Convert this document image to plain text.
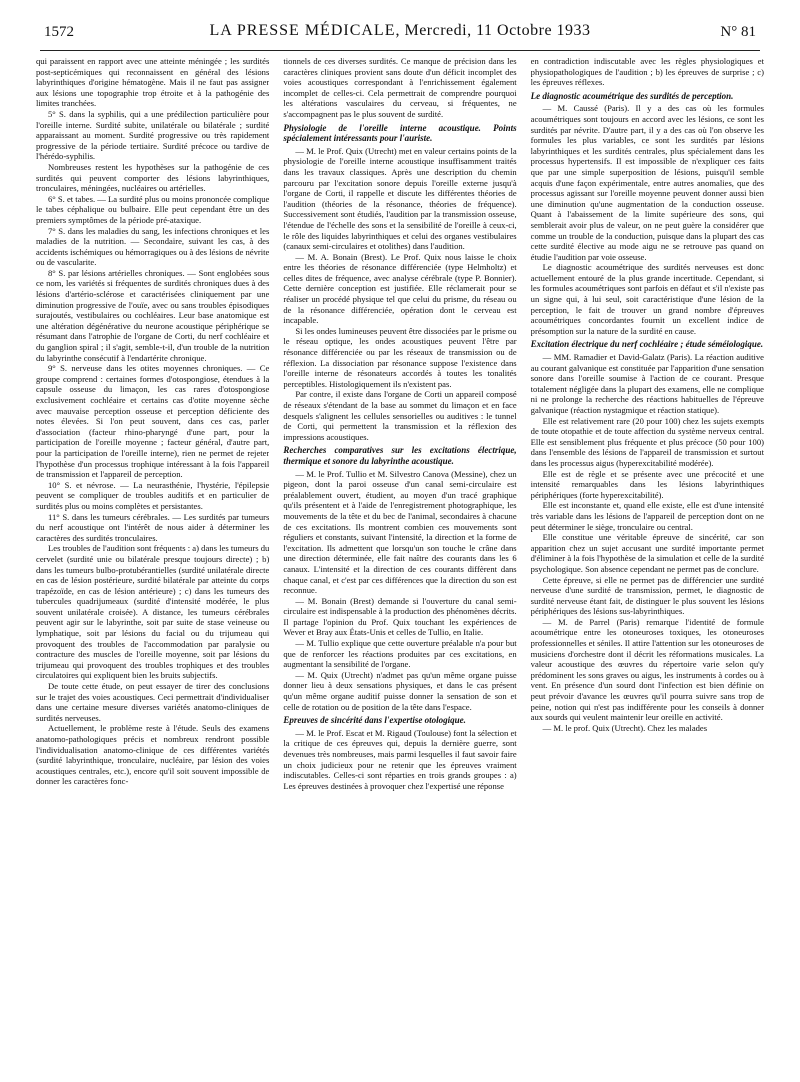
1572	LA PRESSE MÉDICALE, Mercredi, 11 Octobre 1933	N° 81

qui paraissent en rapport avec une atteinte méningée ; les surdités post-septicémiques qui reconnaissent en général des lésions labyrinthiques d'origine hématogène. Mais il ne faut pas assigner aux lésions une topographie trop étroite et à la pathogénie des limites tranchées.

5° S. dans la syphilis, qui a une prédilection particulière pour l'oreille interne. Surdité subite, unilatérale ou bilatérale ; surdité apparaissant au moment. Surdité progressive ou très rapidement progressive de la période tertiaire. Surdité précoce ou tardive de l'hérédo-syphilis.

Nombreuses restent les hypothèses sur la pathogénie de ces surdités qui peuvent comporter des lésions labyrinthiques, tronculaires, méningées, nucléaires ou artérielles.

6° S. et tabes. — La surdité plus ou moins prononcée complique le tabes céphalique ou bulbaire. Elle peut cependant être un des premiers symptômes de la période pré-ataxique.

7° S. dans les maladies du sang, les infections chroniques et les maladies de la nutrition. — Secondaire, suivant les cas, à des accidents ischémiques ou hémorragiques ou à des lésions de névrite ou de vascularite.

8° S. par lésions artérielles chroniques. — Sont englobées sous ce nom, les variétés si fréquentes de surdités chroniques dues à des lésions d'artério-sclérose et caractérisées cliniquement par une diminution progressive de l'ouïe, avec ou sans troubles épisodiques surajoutés, vestibulaires ou cochléaires. Leur base anatomique est une altération dégénérative du neurone acoustique périphérique se résumant dans l'atrophie de l'organe de Corti, du nerf cochléaire et du ganglion spiral ; il s'agit, semble-t-il, d'un trouble de la nutrition du labyrinthe consécutif à l'endartérite chronique.

9° S. nerveuse dans les otites moyennes chroniques. — Ce groupe comprend : certaines formes d'otospongiose, étendues à la capsule osseuse du limaçon, les cas rares d'otospongiose exclusivement cochléaire et certains cas d'otite moyenne sèche avec mauvaise perception osseuse et perception déficiente des notes élevées. Si l'on peut souvent, dans ces cas, parler d'association (facteur rhino-pharyngé d'une part, pour la participation de l'oreille moyenne ; facteur général, d'autre part, pour la participation de l'oreille interne), rien ne permet de rejeter l'hypothèse d'un processus trophique intéressant à la fois l'appareil de transmission et l'appareil de perception.

10° S. et névrose. — La neurasthénie, l'hystérie, l'épilepsie peuvent se compliquer de troubles auditifs et en particulier de surdités plus ou moins complètes et persistantes.

11° S. dans les tumeurs cérébrales. — Les surdités par tumeurs du nerf acoustique ont l'intérêt de nous aider à déterminer les caractères des surdités tronculaires.

Les troubles de l'audition sont fréquents : a) dans les tumeurs du cervelet (surdité unie ou bilatérale presque toujours directe) ; b) dans les tumeurs bulbo-protubérantielles (surdité unilatérale directe en cas de lésion postérieure, surdité bilatérale par atteinte du corps trapézoïde, en cas de lésion antérieure) ; c) dans les tumeurs des tubercules quadrijumeaux (surdité d'intensité modérée, le plus souvent unilatérale croisée). A distance, les tumeurs cérébrales peuvent agir sur le labyrinthe, soit par suite de stase veineuse ou lymphatique, soit par lésions du facial ou du trijumeau qui provoquent des troubles de l'accommodation par paralysie ou contracture des muscles de l'oreille moyenne, soit par lésions du trijumeau qui provoquent des troubles trophiques et des troubles circulatoires qui expliquent bien les bruits subjectifs.

De toute cette étude, on peut essayer de tirer des conclusions sur le trajet des voies acoustiques. Ceci permettrait d'individualiser dans une certaine mesure diverses variétés anatomo-cliniques de surdités nerveuses.

Actuellement, le problème reste à l'étude. Seuls des examens anatomo-pathologiques précis et nombreux rendront possible l'individualisation anatomo-clinique de ces différentes variétés (surdité labyrinthique, tronculaire, nucléaire, par lésion des voies acoustiques centrales, etc.), encore qu'il soit souvent impossible de donner les caractères fonc-

tionnels de ces diverses surdités. Ce manque de précision dans les caractères cliniques provient sans doute d'un déficit incomplet des voies acoustiques correspondant à l'enrichissement également incomplet de celles-ci. Cela permettrait de comprendre pourquoi les altérations vasculaires du cerveau, si fréquentes, ne s'accompagnent pas le plus souvent de surdité.

Physiologie de l'oreille interne acoustique. Points spécialement intéressants pour l'auriste.

— M. le Prof. Quix (Utrecht) met en valeur certains points de la physiologie de l'oreille interne acoustique insuffisamment traités dans les travaux classiques. Après une description du chemin parcouru par l'excitation sonore depuis l'oreille externe jusqu'à l'organe de Corti, il rappelle et discute les différentes théories de l'audition (théories de la résonance, théories de fréquence). Successivement sont étudiés, l'audition par la transmission osseuse, l'étendue de l'échelle des sons et la sensibilité de l'oreille à ceux-ci, le rôle des liquides labyrinthiques et celui des organes vestibulaires (canaux semi-circulaires et otolithes) dans l'audition.

— M. A. Bonain (Brest). Le Prof. Quix nous laisse le choix entre les théories de résonance différenciée (type Helmholtz) et celles dites de fréquence, avec analyse cérébrale (type P. Bonnier). Cette dernière conception est justifiée. Elle réclamerait pour se réaliser un procédé physique tel que celui du prisme, du réseau ou de la résonance différenciée, opération dont le cerveau est incapable.

Si les ondes lumineuses peuvent être dissociées par le prisme ou le réseau optique, les ondes acoustiques peuvent l'être par résonance différenciée ou par les réseaux de transmission ou de réflexion. La dissociation par résonance suppose l'existence dans l'oreille interne de résonateurs accordés à toutes les tonalités perceptibles. Histologiquement ils n'existent pas.

Par contre, il existe dans l'organe de Corti un appareil composé de réseaux s'étendant de la base au sommet du limaçon et en face desquels s'alignent les cellules sensorielles ou auditives : le tunnel de Corti, qui permettent la transmission et la réflexion des impressions acoustiques.

Recherches comparatives sur les excitations électrique, thermique et sonore du labyrinthe acoustique.

— M. le Prof. Tullio et M. Silvestro Canova (Messine), chez un pigeon, dont la paroi osseuse d'un canal semi-circulaire est préalablement ouvert, étudient, au moyen d'un tracé graphique qu'ils présentent et à l'aide de l'enregistrement photographique, les mouvements de la tête et du bec de l'animal, secondaires à chacune de ces excitations. Ils montrent combien ces mouvements sont réguliers et constants, suivant l'intensité, la direction et la forme de l'excitation. Ils admettent que lorsqu'un son touche le crâne dans une direction déterminée, elle fait naître des courants dans les 6 canaux. L'intensité et la direction de ces courants diffèrent dans chaque canal, et c'est par ces différences que la direction du son est reconnue.

— M. Bonain (Brest) demande si l'ouverture du canal semi-circulaire est indispensable à la production des phénomènes décrits. Il partage l'opinion du Prof. Quix touchant les expériences de Wever et Bray aux États-Unis et celles de Tullio, en Italie.

— M. Tullio explique que cette ouverture préalable n'a pour but que de renforcer les réactions produites par ces excitations, en augmentant la sensibilité de l'organe.

— M. Quix (Utrecht) n'admet pas qu'un même organe puisse donner lieu à deux sensations physiques, et dans le cas présent qu'un même organe auditif puisse donner la sensation de son et celle de rotation ou de position de la tête dans l'espace.

Epreuves de sincérité dans l'expertise otologique.

— M. le Prof. Escat et M. Rigaud (Toulouse) font la sélection et la critique de ces épreuves qui, depuis la dernière guerre, sont devenues très nombreuses, mais parmi lesquelles il faut savoir faire un choix judicieux pour ne retenir que les épreuves vraiment indiscutables. Celles-ci sont réparties en trois grands groupes : a) Les épreuves destinées à provoquer chez l'expertisé une réponse

en contradiction indiscutable avec les règles physiologiques et physiopathologiques de l'audition ; b) les épreuves de surprise ; c) les épreuves réflexes.

Le diagnostic acoumétrique des surdités de perception.

— M. Caussé (Paris). Il y a des cas où les formules acoumétriques sont toujours en accord avec les lésions, ce sont les surdités par névrite. D'autre part, il y a des cas où l'on observe les formules les plus variables, ce sont les surdités par lésions labyrinthiques et les surdités centrales, plus spécialement dans les processus hypertensifs. Il est impossible de n'expliquer ces faits que par une simple superposition de lésions, puisqu'il semble acquis d'une façon expérimentale, entre autres anomalies, que des processus agissant sur l'oreille moyenne peuvent donner aussi bien une diminution qu'une augmentation de la conduction osseuse. Quant à l'abaissement de la limite supérieure des sons, qui semblerait avoir plus de valeur, on ne peut guère la considérer que comme un trouble de la conduction, puisque dans la plupart des cas cette surdité élective au mode aigu ne se retrouve pas quand on étudie l'audition par voie osseuse.

Le diagnostic acoumétrique des surdités nerveuses est donc actuellement entouré de la plus grande incertitude. Cependant, si les formules acoumétriques sont parfois en défaut et s'il n'existe pas un signe qui, à lui seul, soit caractéristique d'une lésion de la perception, le fait de trouver un grand nombre d'épreuves acoumétriques concordantes fournit un excellent indice de présomption sur la nature de la surdité en cause.

Excitation électrique du nerf cochléaire ; étude séméiologique.

— MM. Ramadier et David-Galatz (Paris). La réaction auditive au courant galvanique est constituée par l'apparition d'une sensation sonore dans l'oreille soumise à l'action de ce courant. Presque totalement négligée dans la plupart des examens, elle ne complique ni ne prolonge la recherche des réactions habituelles de l'épreuve galvanique (réaction nystagmique et réaction statique).

Elle est relativement rare (20 pour 100) chez les sujets exempts de toute otopathie et de toute affection du système nerveux central. Elle est sensiblement plus fréquente et plus précoce (50 pour 100) dans l'ensemble des lésions de l'appareil de transmission et surtout dans les processus aigus (hyperexcitabilité modérée).

Elle est de règle et se présente avec une précocité et une intensité remarquables dans les lésions labyrinthiques périphériques (forte hyperexcitabilité).

Elle est inconstante et, quand elle existe, elle est d'une intensité très variable dans les lésions de l'appareil de perception dont on ne peut déterminer le siège, tronculaire ou central.

Elle constitue une véritable épreuve de sincérité, car son apparition chez un sujet accusant une surdité importante permet d'éliminer à la fois l'hypothèse de la simulation et celle de la surdité psychologique. Son absence cependant ne permet pas de conclure.

Cette épreuve, si elle ne permet pas de différencier une surdité nerveuse d'une surdité de transmission, permet, le diagnostic de surdité nerveuse étant fait, de distinguer le plus souvent les lésions périphériques des lésions sus-labyrinthiques.

— M. de Parrel (Paris) remarque l'identité de formule acoumétrique entre les otoneuroses toxiques, les otoneuroses professionnelles et séniles. Il attire l'attention sur les otoneuroses de musiciens d'orchestre dont il décrit les réformations musicales. La valeur acoustique des œuvres du répertoire varie selon qu'y prédominent les sons graves ou aigus, les instruments à cordes ou à vent. En présence d'un sourd dont l'infection est bien définie on peut prévoir d'avance les œuvres qu'il pourra suivre sans trop de peine, notion qui n'est pas indifférente pour les conseils à donner aux sourds qui veulent maintenir leur oreille en activité.

— M. le prof. Quix (Utrecht). Chez les malades
